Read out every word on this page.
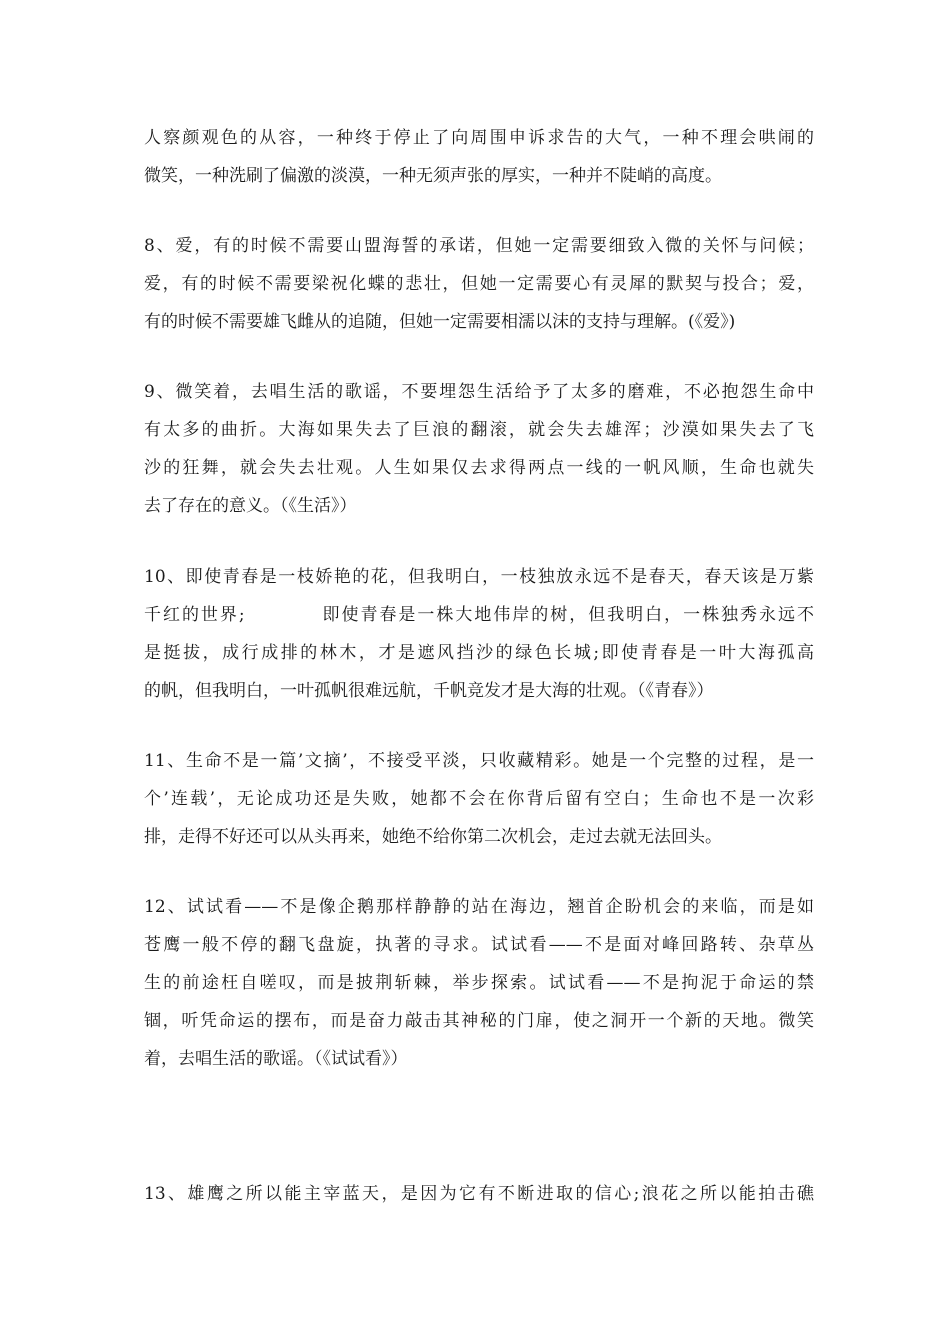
人察颜观色的从容，一种终于停止了向周围申诉求告的大气，一种不理会哄闹的
微笑，一种洗刷了偏激的淡漠，一种无须声张的厚实，一种并不陡峭的高度。
8、爱，有的时候不需要山盟海誓的承诺，但她一定需要细致入微的关怀与问候；
爱，有的时候不需要梁祝化蝶的悲壮，但她一定需要心有灵犀的默契与投合；爱，
有的时候不需要雄飞雌从的追随，但她一定需要相濡以沫的支持与理解。(《爱》)
9、微笑着，去唱生活的歌谣，不要埋怨生活给予了太多的磨难，不必抱怨生命中
有太多的曲折。大海如果失去了巨浪的翻滚，就会失去雄浑；沙漠如果失去了飞
沙的狂舞，就会失去壮观。人生如果仅去求得两点一线的一帆风顺，生命也就失
去了存在的意义。（《生活》）
10、即使青春是一枝娇艳的花，但我明白，一枝独放永远不是春天，春天该是万紫
千红的世界;　　　　即使青春是一株大地伟岸的树，但我明白，一株独秀永远不
是挺拔，成行成排的林木，才是遮风挡沙的绿色长城;即使青春是一叶大海孤高
的帆，但我明白，一叶孤帆很难远航，千帆竞发才是大海的壮观。（《青春》）
11、生命不是一篇’文摘’，不接受平淡，只收藏精彩。她是一个完整的过程，是一
个’连载’，无论成功还是失败，她都不会在你背后留有空白；生命也不是一次彩
排，走得不好还可以从头再来，她绝不给你第二次机会，走过去就无法回头。
12、试试看——不是像企鹅那样静静的站在海边，翘首企盼机会的来临，而是如
苍鹰一般不停的翻飞盘旋，执著的寻求。试试看——不是面对峰回路转、杂草丛
生的前途枉自嗟叹，而是披荆斩棘，举步探索。试试看——不是拘泥于命运的禁
锢，听凭命运的摆布，而是奋力敲击其神秘的门扉，使之洞开一个新的天地。微笑
着，去唱生活的歌谣。（《试试看》）
13、雄鹰之所以能主宰蓝天，是因为它有不断进取的信心;浪花之所以能拍击礁
